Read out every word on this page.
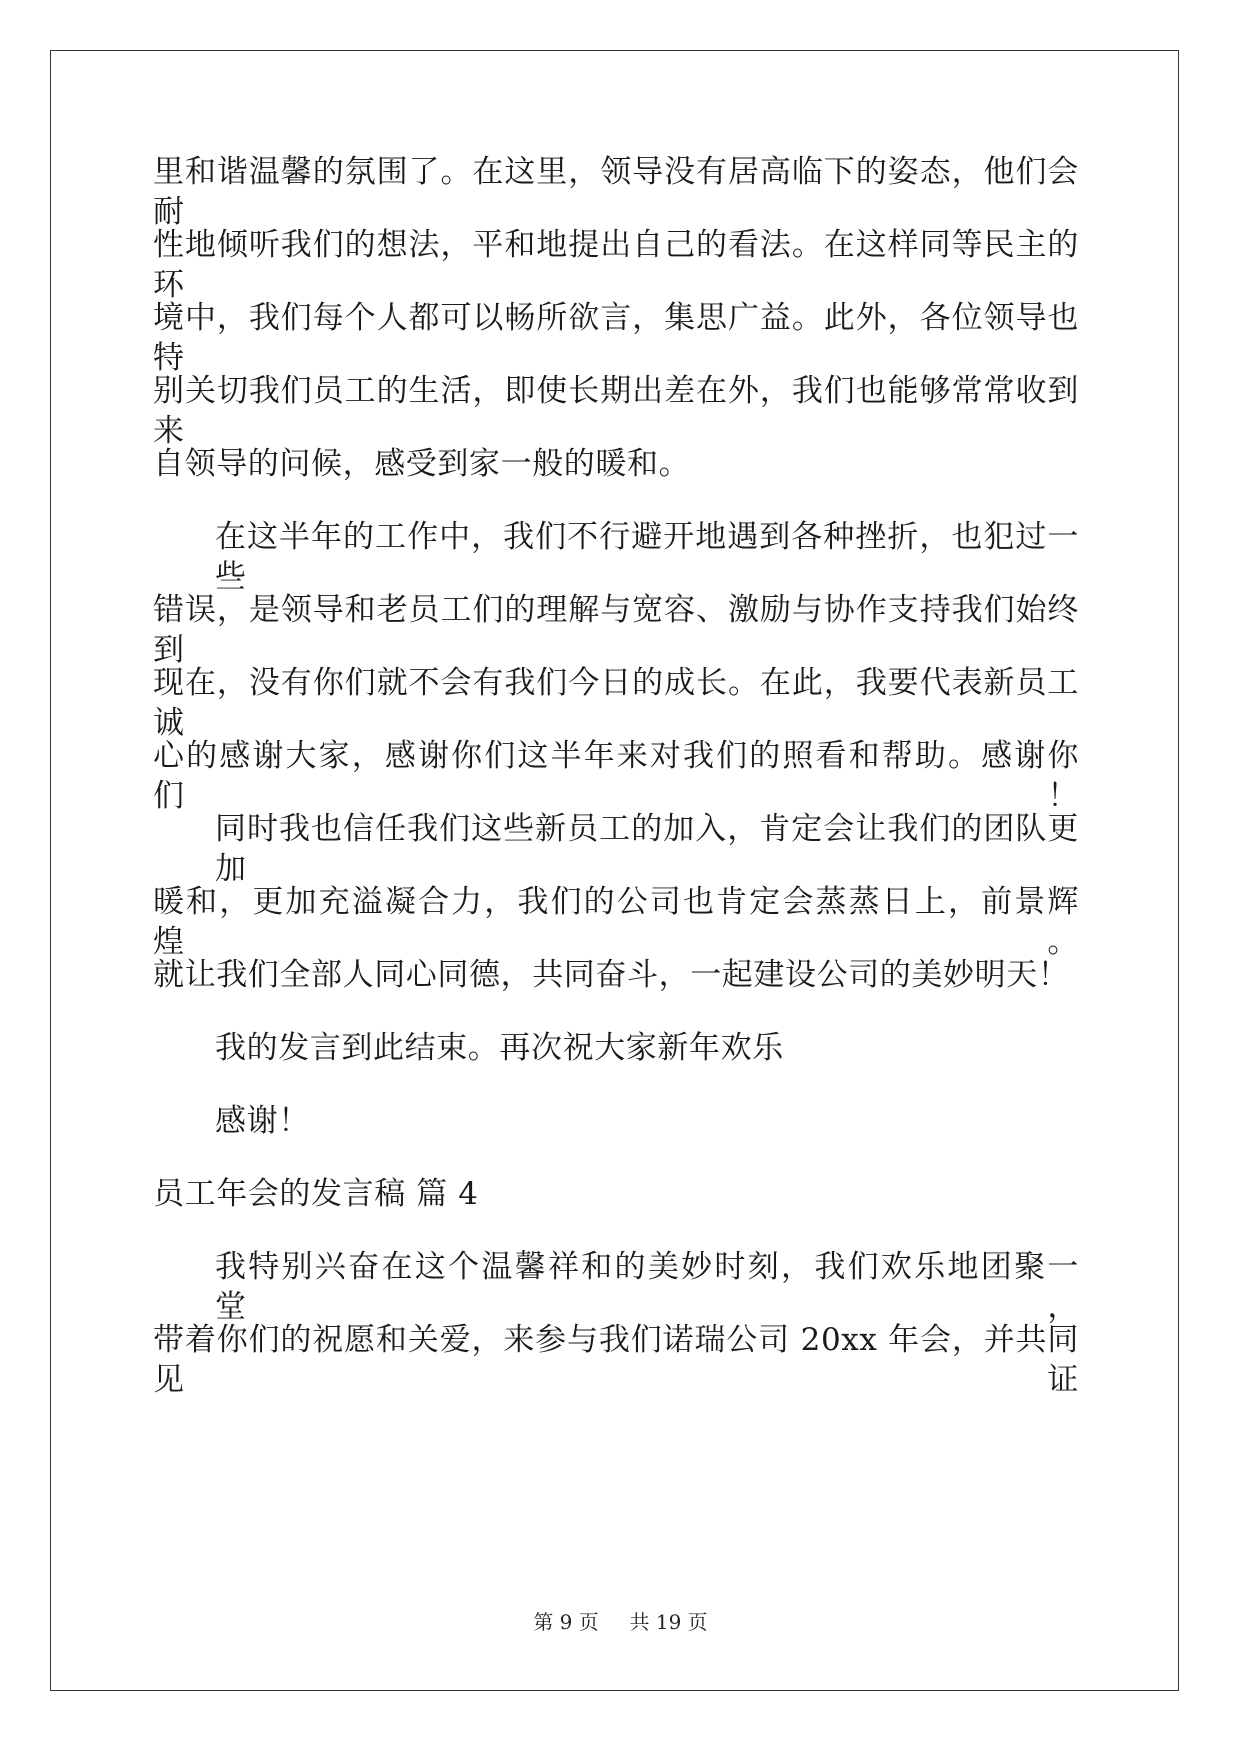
里和谐温馨的氛围了。在这里，领导没有居高临下的姿态，他们会耐
性地倾听我们的想法，平和地提出自己的看法。在这样同等民主的环
境中，我们每个人都可以畅所欲言，集思广益。此外，各位领导也特
别关切我们员工的生活，即使长期出差在外，我们也能够常常收到来
自领导的问候，感受到家一般的暖和。
在这半年的工作中，我们不行避开地遇到各种挫折，也犯过一些
错误，是领导和老员工们的理解与宽容、激励与协作支持我们始终到
现在，没有你们就不会有我们今日的成长。在此，我要代表新员工诚
心的感谢大家，感谢你们这半年来对我们的照看和帮助。感谢你们！
同时我也信任我们这些新员工的加入，肯定会让我们的团队更加
暖和，更加充溢凝合力，我们的公司也肯定会蒸蒸日上，前景辉煌。
就让我们全部人同心同德，共同奋斗，一起建设公司的美妙明天！
我的发言到此结束。再次祝大家新年欢乐
感谢！
员工年会的发言稿 篇 4
我特别兴奋在这个温馨祥和的美妙时刻，我们欢乐地团聚一堂，
带着你们的祝愿和关爱，来参与我们诺瑞公司 20xx 年会，并共同见证
第 9 页 共 19 页
